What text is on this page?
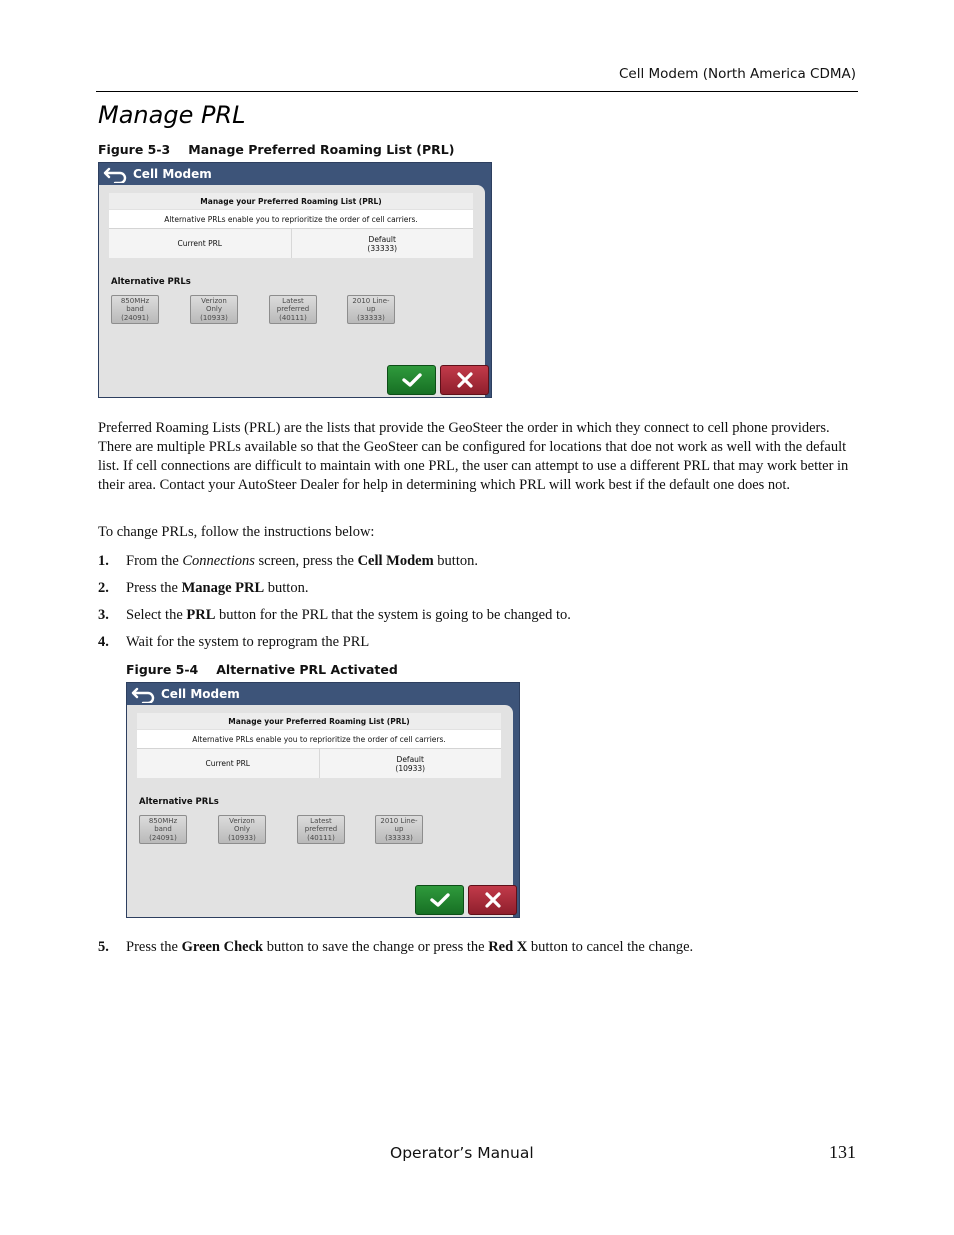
Cell Modem (North America CDMA)
Manage PRL
Figure 5-3 Manage Preferred Roaming List (PRL)
Cell Modem
Manage your Preferred Roaming List (PRL)
Alternative PRLs enable you to reprioritize the order of cell carriers.
Current PRL	Default
(33333)
Alternative PRLs
850MHz
band
(24091)
Verizon
Only
(10933)
Latest
preferred
(40111)
2010 Line-
up
(33333)

Preferred Roaming Lists (PRL) are the lists that provide the GeoSteer the order in which they connect to cell phone providers. There are multiple PRLs available so that the GeoSteer can be configured for locations that doe not work as well with the default list. If cell connections are difficult to maintain with one PRL, the user can attempt to use a different PRL that may work better in their area. Contact your AutoSteer Dealer for help in determining which PRL will work best if the default one does not.

To change PRLs, follow the instructions below:

1. From the Connections screen, press the Cell Modem button.
2. Press the Manage PRL button.
3. Select the PRL button for the PRL that the system is going to be changed to.
4. Wait for the system to reprogram the PRL
Figure 5-4 Alternative PRL Activated
Cell Modem
Manage your Preferred Roaming List (PRL)
Alternative PRLs enable you to reprioritize the order of cell carriers.
Current PRL	Default
(10933)
Alternative PRLs
850MHz
band
(24091)
Verizon
Only
(10933)
Latest
preferred
(40111)
2010 Line-
up
(33333)
5. Press the Green Check button to save the change or press the Red X button to cancel the change.
Operator’s Manual	131
